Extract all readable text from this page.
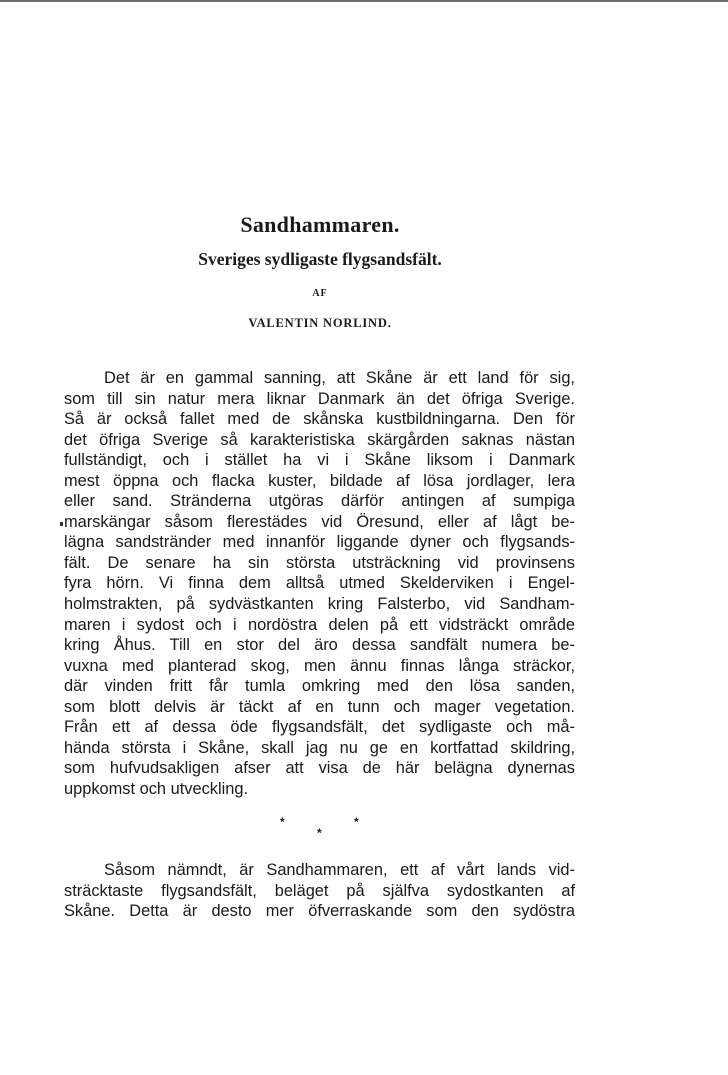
Sandhammaren.
Sveriges sydligaste flygsandsfält.
AF
VALENTIN NORLIND.
Det är en gammal sanning, att Skåne är ett land för sig,
som till sin natur mera liknar Danmark än det öfriga Sverige.
Så är också fallet med de skånska kustbildningarna. Den för
det öfriga Sverige så karakteristiska skärgården saknas nästan
fullständigt, och i stället ha vi i Skåne liksom i Danmark
mest öppna och flacka kuster, bildade af lösa jordlager, lera
eller sand. Stränderna utgöras därför antingen af sumpiga
marskängar såsom flerestädes vid Öresund, eller af lågt be-
lägna sandstränder med innanför liggande dyner och flygsands-
fält. De senare ha sin största utsträckning vid provinsens
fyra hörn. Vi finna dem alltså utmed Skelderviken i Engel-
holmstrakten, på sydvästkanten kring Falsterbo, vid Sandham-
maren i sydost och i nordöstra delen på ett vidsträckt område
kring Åhus. Till en stor del äro dessa sandfält numera be-
vuxna med planterad skog, men ännu finnas långa sträckor,
där vinden fritt får tumla omkring med den lösa sanden,
som blott delvis är täckt af en tunn och mager vegetation.
Från ett af dessa öde flygsandsfält, det sydligaste och må-
hända största i Skåne, skall jag nu ge en kortfattad skildring,
som hufvudsakligen afser att visa de här belägna dynernas
uppkomst och utveckling.
*	*
*
Såsom nämndt, är Sandhammaren, ett af vårt lands vid-
sträcktaste flygsandsfält, beläget på själfva sydostkanten af
Skåne. Detta är desto mer öfverraskande som den sydöstra
